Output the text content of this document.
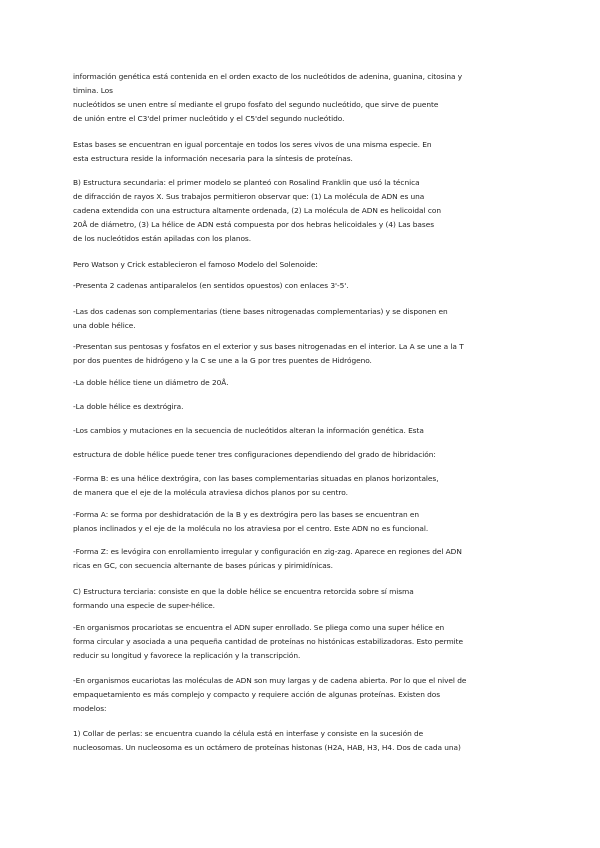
información genética está contenida en el orden exacto de los nucleótidos de adenina, guanina, citosina y
timina. Los
nucleótidos se unen entre sí mediante el grupo fosfato del segundo nucleótido, que sirve de puente
de unión entre el C3'del primer nucleótido y el C5'del segundo nucleótido.
Estas bases se encuentran en igual porcentaje en todos los seres vivos de una misma especie. En
esta estructura reside la información necesaria para la síntesis de proteínas.
B) Estructura secundaria: el primer modelo se planteó con Rosalind Franklin que usó la técnica
de difracción de rayos X. Sus trabajos permitieron observar que: (1) La molécula de ADN es una
cadena extendida con una estructura altamente ordenada, (2) La molécula de ADN es helicoidal con
20Å de diámetro, (3) La hélice de ADN está compuesta por dos hebras helicoidales y (4) Las bases
de los nucleótidos están apiladas con los planos.
Pero Watson y Crick establecieron el famoso Modelo del Solenoide:
-Presenta 2 cadenas antiparalelos (en sentidos opuestos) con enlaces 3'-5'.
-Las dos cadenas son complementarias (tiene bases nitrogenadas complementarias) y se disponen en
una doble hélice.
-Presentan sus pentosas y fosfatos en el exterior y sus bases nitrogenadas en el interior. La A se une a la T
por dos puentes de hidrógeno y la C se une a la G por tres puentes de Hidrógeno.
-La doble hélice tiene un diámetro de 20Å.
-La doble hélice es dextrógira.
-Los cambios y mutaciones en la secuencia de nucleótidos alteran la información genética. Esta
estructura de doble hélice puede tener tres configuraciones dependiendo del grado de hibridación:
-Forma B: es una hélice dextrógira, con las bases complementarias situadas en planos horizontales,
de manera que el eje de la molécula atraviesa dichos planos por su centro.
-Forma A: se forma por deshidratación de la B y es dextrógira pero las bases se encuentran en
planos inclinados y el eje de la molécula no los atraviesa por el centro. Este ADN no es funcional.
-Forma Z: es levógira con enrollamiento irregular y configuración en zig-zag. Aparece en regiones del ADN
ricas en GC, con secuencia alternante de bases púricas y pirimidínicas.
C) Estructura terciaria: consiste en que la doble hélice se encuentra retorcida sobre sí misma
formando una especie de super-hélice.
-En organismos procariotas se encuentra el ADN super enrollado. Se pliega como una super hélice en
forma circular y asociada a una pequeña cantidad de proteínas no histónicas estabilizadoras. Esto permite
reducir su longitud y favorece la replicación y la transcripción.
-En organismos eucariotas las moléculas de ADN son muy largas y de cadena abierta. Por lo que el nivel de
empaquetamiento es más complejo y compacto y requiere acción de algunas proteínas. Existen dos
modelos:
1) Collar de perlas: se encuentra cuando la célula está en interfase y consiste en la sucesión de
nucleosomas. Un nucleosoma es un octámero de proteínas histonas (H2A, HAB, H3, H4. Dos de cada una)
